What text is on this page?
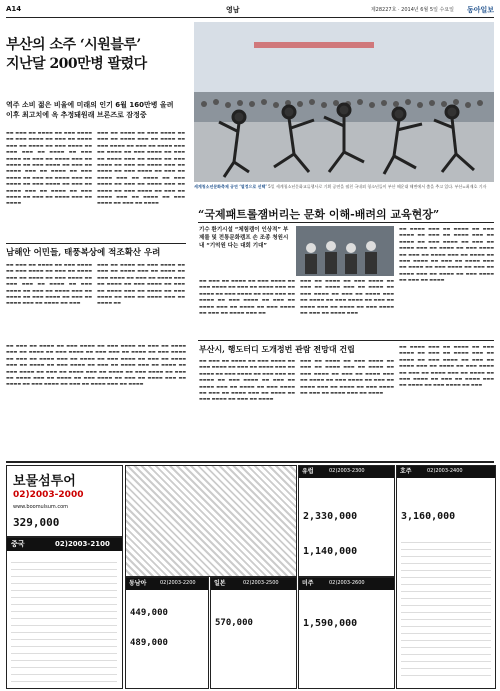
A14	영남	제28227호 · 2014년 6월 5일 수요일 동아일보
부산의 소주 ‘시원블루’
지난달 200만병 팔렸다
역주 소비 젊은 비율에 미래의 인기 6월 160만병 올려 이후 최고치에 옥 추정돼원래 브론즈로 잠정중
▬▬ ▬▬▬ ▬▬ ▬▬▬▬ ▬▬ ▬▬▬ ▬▬▬▬ ▬▬ ▬▬▬ ▬▬▬▬ ▬▬ ▬▬▬ ▬▬ ▬▬▬▬ ▬▬▬ ▬▬ ▬▬▬▬ ▬▬ ▬▬▬ ▬▬▬▬ ▬▬ ▬▬▬ ▬▬▬ ▬▬ ▬▬▬▬ ▬▬ ▬▬▬ ▬▬▬▬ ▬▬ ▬▬▬ ▬▬ ▬▬▬▬ ▬▬▬ ▬▬ ▬▬▬▬ ▬▬ ▬▬▬ ▬▬▬▬ ▬▬ ▬▬▬ ▬▬ ▬▬▬▬ ▬▬▬ ▬▬ ▬▬▬▬ ▬▬ ▬▬▬ ▬▬▬▬ ▬▬ ▬▬▬ ▬▬ ▬▬▬▬ ▬▬▬ ▬▬ ▬▬▬▬ ▬▬ ▬▬▬ ▬▬▬▬ ▬▬ ▬▬▬ ▬▬ ▬▬▬▬ ▬▬▬ ▬▬ ▬▬▬▬ ▬▬ ▬▬▬ ▬▬▬▬ ▬▬ ▬▬▬ ▬▬ ▬▬▬▬ ▬▬▬ ▬▬ ▬▬▬▬
▬▬▬ ▬▬ ▬▬▬▬ ▬▬ ▬▬▬ ▬▬▬▬ ▬▬ ▬▬▬ ▬▬ ▬▬▬▬ ▬▬▬ ▬▬ ▬▬▬▬ ▬▬ ▬▬▬ ▬▬▬▬ ▬▬ ▬▬▬ ▬▬ ▬▬▬▬ ▬▬▬ ▬▬ ▬▬▬▬ ▬▬ ▬▬▬ ▬▬▬▬ ▬▬ ▬▬▬ ▬▬ ▬▬▬▬ ▬▬▬ ▬▬ ▬▬▬▬ ▬▬ ▬▬▬ ▬▬▬▬ ▬▬ ▬▬▬ ▬▬ ▬▬▬▬ ▬▬▬ ▬▬ ▬▬▬▬ ▬▬ ▬▬▬ ▬▬▬▬ ▬▬ ▬▬▬ ▬▬ ▬▬▬▬ ▬▬▬ ▬▬ ▬▬▬▬ ▬▬ ▬▬▬ ▬▬▬▬ ▬▬ ▬▬▬ ▬▬ ▬▬▬▬ ▬▬▬ ▬▬ ▬▬▬▬ ▬▬ ▬▬▬ ▬▬▬▬ ▬▬ ▬▬▬ ▬▬ ▬▬▬▬ ▬▬▬ ▬▬ ▬▬▬▬ ▬▬ ▬▬▬ ▬▬▬▬ ▬▬ ▬▬▬ ▬▬ ▬▬▬▬
세계청소년문화축제 공연 ‘열정으로 선택’ 5일 세계청소년문화교류행사로 기획 공연을 펼친 국내외 청소년들이 부산 해운대 해변에서 춤을 추고 있다. 부산=최재호 기자
“국제패트롤잼버리는 문화 이해-배려의 교육현장”
기수 환기시설 “체험캠이 인상적” 부제를 및 전통문화캠프 손 조종 청원시내 “기억원 다는 대회 기대”
▬▬ ▬▬▬ ▬▬ ▬▬▬▬ ▬▬ ▬▬▬ ▬▬▬▬ ▬▬ ▬▬▬ ▬▬▬▬ ▬▬ ▬▬▬ ▬▬ ▬▬▬▬ ▬▬▬ ▬▬ ▬▬▬▬ ▬▬ ▬▬▬ ▬▬▬▬ ▬▬ ▬▬▬ ▬▬▬ ▬▬ ▬▬▬▬ ▬▬ ▬▬▬ ▬▬▬▬ ▬▬ ▬▬▬ ▬▬ ▬▬▬▬ ▬▬▬ ▬▬ ▬▬▬▬ ▬▬ ▬▬▬ ▬▬▬▬ ▬▬ ▬▬▬ ▬▬ ▬▬▬▬ ▬▬▬ ▬▬
▬▬▬ ▬▬ ▬▬▬▬ ▬▬ ▬▬▬ ▬▬▬▬ ▬▬ ▬▬▬ ▬▬ ▬▬▬▬ ▬▬▬ ▬▬ ▬▬▬▬ ▬▬ ▬▬▬ ▬▬▬▬ ▬▬ ▬▬▬ ▬▬ ▬▬▬▬ ▬▬▬ ▬▬ ▬▬▬▬ ▬▬ ▬▬▬ ▬▬▬▬ ▬▬ ▬▬▬ ▬▬ ▬▬▬▬ ▬▬▬ ▬▬ ▬▬▬▬ ▬▬ ▬▬▬ ▬▬▬▬ ▬▬ ▬▬▬ ▬▬ ▬▬▬▬ ▬▬▬
▬▬ ▬▬▬▬ ▬▬▬ ▬▬ ▬▬▬▬ ▬▬ ▬▬▬ ▬▬▬▬ ▬▬ ▬▬▬ ▬▬ ▬▬▬▬ ▬▬▬ ▬▬ ▬▬▬▬ ▬▬ ▬▬▬ ▬▬▬▬ ▬▬ ▬▬▬ ▬▬ ▬▬▬▬ ▬▬▬ ▬▬ ▬▬▬▬ ▬▬ ▬▬▬ ▬▬▬▬ ▬▬ ▬▬▬ ▬▬ ▬▬▬▬ ▬▬▬ ▬▬ ▬▬▬▬ ▬▬ ▬▬▬ ▬▬▬▬ ▬▬ ▬▬▬ ▬▬ ▬▬▬▬ ▬▬▬ ▬▬ ▬▬▬▬ ▬▬ ▬▬▬ ▬▬▬▬ ▬▬ ▬▬▬ ▬▬ ▬▬▬▬ ▬▬▬ ▬▬ ▬▬▬▬ ▬▬ ▬▬▬ ▬▬▬▬ ▬▬ ▬▬▬ ▬▬ ▬▬▬▬
남해안 어민들, 태풍복상에 적조확산 우려
▬▬ ▬▬▬ ▬▬ ▬▬▬▬ ▬▬ ▬▬▬ ▬▬▬▬ ▬▬ ▬▬▬ ▬▬▬▬ ▬▬ ▬▬▬ ▬▬ ▬▬▬▬ ▬▬▬ ▬▬ ▬▬▬▬ ▬▬ ▬▬▬ ▬▬▬▬ ▬▬ ▬▬▬ ▬▬▬ ▬▬ ▬▬▬▬ ▬▬ ▬▬▬ ▬▬▬▬ ▬▬ ▬▬▬ ▬▬ ▬▬▬▬ ▬▬▬ ▬▬ ▬▬▬▬ ▬▬ ▬▬▬ ▬▬▬▬ ▬▬ ▬▬▬ ▬▬ ▬▬▬▬ ▬▬▬ ▬▬ ▬▬▬▬ ▬▬ ▬▬▬
▬▬▬ ▬▬ ▬▬▬▬ ▬▬ ▬▬▬ ▬▬▬▬ ▬▬ ▬▬▬ ▬▬ ▬▬▬▬ ▬▬▬ ▬▬ ▬▬▬▬ ▬▬ ▬▬▬ ▬▬▬▬ ▬▬ ▬▬▬ ▬▬ ▬▬▬▬ ▬▬▬ ▬▬ ▬▬▬▬ ▬▬ ▬▬▬ ▬▬▬▬ ▬▬ ▬▬▬ ▬▬ ▬▬▬▬ ▬▬▬ ▬▬ ▬▬▬▬ ▬▬ ▬▬▬ ▬▬▬▬ ▬▬ ▬▬▬ ▬▬ ▬▬▬▬ ▬▬▬ ▬▬ ▬▬▬▬ ▬▬
부산시, 행도터디 도개정번 관람 전망대 건립
▬▬ ▬▬▬ ▬▬ ▬▬▬▬ ▬▬ ▬▬▬ ▬▬▬▬ ▬▬ ▬▬▬ ▬▬▬▬ ▬▬ ▬▬▬ ▬▬ ▬▬▬▬ ▬▬▬ ▬▬ ▬▬▬▬ ▬▬ ▬▬▬ ▬▬▬▬ ▬▬ ▬▬▬ ▬▬▬ ▬▬ ▬▬▬▬ ▬▬ ▬▬▬ ▬▬▬▬ ▬▬ ▬▬▬ ▬▬ ▬▬▬▬ ▬▬▬ ▬▬ ▬▬▬▬ ▬▬ ▬▬▬ ▬▬▬▬ ▬▬ ▬▬▬ ▬▬ ▬▬▬▬ ▬▬▬ ▬▬ ▬▬▬▬ ▬▬ ▬▬▬ ▬▬▬▬ ▬▬ ▬▬▬ ▬▬ ▬▬▬▬
▬▬▬ ▬▬ ▬▬▬▬ ▬▬ ▬▬▬ ▬▬▬▬ ▬▬ ▬▬▬ ▬▬ ▬▬▬▬ ▬▬▬ ▬▬ ▬▬▬▬ ▬▬ ▬▬▬ ▬▬▬▬ ▬▬ ▬▬▬ ▬▬ ▬▬▬▬ ▬▬▬ ▬▬ ▬▬▬▬ ▬▬ ▬▬▬ ▬▬▬▬ ▬▬ ▬▬▬ ▬▬ ▬▬▬▬ ▬▬▬ ▬▬ ▬▬▬▬ ▬▬ ▬▬▬ ▬▬▬▬ ▬▬ ▬▬▬ ▬▬ ▬▬▬▬ ▬▬▬ ▬▬ ▬▬▬▬
▬▬ ▬▬▬▬ ▬▬▬ ▬▬ ▬▬▬▬ ▬▬ ▬▬▬ ▬▬▬▬ ▬▬ ▬▬▬ ▬▬ ▬▬▬▬ ▬▬▬ ▬▬ ▬▬▬▬ ▬▬ ▬▬▬ ▬▬▬▬ ▬▬ ▬▬▬ ▬▬ ▬▬▬▬ ▬▬▬ ▬▬ ▬▬▬▬ ▬▬ ▬▬▬ ▬▬▬▬ ▬▬ ▬▬▬ ▬▬ ▬▬▬▬ ▬▬▬ ▬▬ ▬▬▬▬ ▬▬ ▬▬▬ ▬▬▬▬ ▬▬ ▬▬▬ ▬▬ ▬▬▬▬ ▬▬▬ ▬▬ ▬▬▬▬ ▬▬ ▬▬▬ ▬▬▬▬ ▬▬ ▬▬▬
▬▬ ▬▬▬ ▬▬ ▬▬▬▬ ▬▬ ▬▬▬ ▬▬▬▬ ▬▬ ▬▬▬ ▬▬▬▬ ▬▬ ▬▬▬ ▬▬ ▬▬▬▬ ▬▬▬ ▬▬ ▬▬▬▬ ▬▬ ▬▬▬ ▬▬▬▬ ▬▬ ▬▬▬ ▬▬▬ ▬▬ ▬▬▬▬ ▬▬ ▬▬▬ ▬▬▬▬ ▬▬ ▬▬▬ ▬▬ ▬▬▬▬ ▬▬▬ ▬▬ ▬▬▬▬ ▬▬ ▬▬▬ ▬▬▬▬ ▬▬ ▬▬▬ ▬▬ ▬▬▬▬ ▬▬▬ ▬▬ ▬▬▬▬ ▬▬ ▬▬▬ ▬▬▬▬ ▬▬ ▬▬▬ ▬▬ ▬▬▬▬ ▬▬▬ ▬▬ ▬▬▬▬ ▬▬ ▬▬▬ ▬▬▬▬ ▬▬ ▬▬▬ ▬▬ ▬▬▬▬ ▬▬▬ ▬▬ ▬▬▬▬ ▬▬ ▬▬▬ ▬▬▬▬ ▬▬ ▬▬▬ ▬▬ ▬▬▬▬ ▬▬▬ ▬▬ ▬▬▬▬ ▬▬ ▬▬▬ ▬▬▬▬ ▬▬ ▬▬▬ ▬▬ ▬▬▬▬ ▬▬▬ ▬▬ ▬▬▬▬ ▬▬ ▬▬▬ ▬▬▬▬ ▬▬ ▬▬▬ ▬▬ ▬▬▬▬ ▬▬▬ ▬▬ ▬▬▬▬
보물섬투어
02)2003-2000
www.boomulsum.com
329,000
중국	02)2003-2100
동남아	02)2003-2200
449,000
489,000
일본	02)2003-2500
570,000
유럽	02)2003-2300
2,330,000
1,140,000
미주	02)2003-2600
1,590,000
호주	02)2003-2400
3,160,000
